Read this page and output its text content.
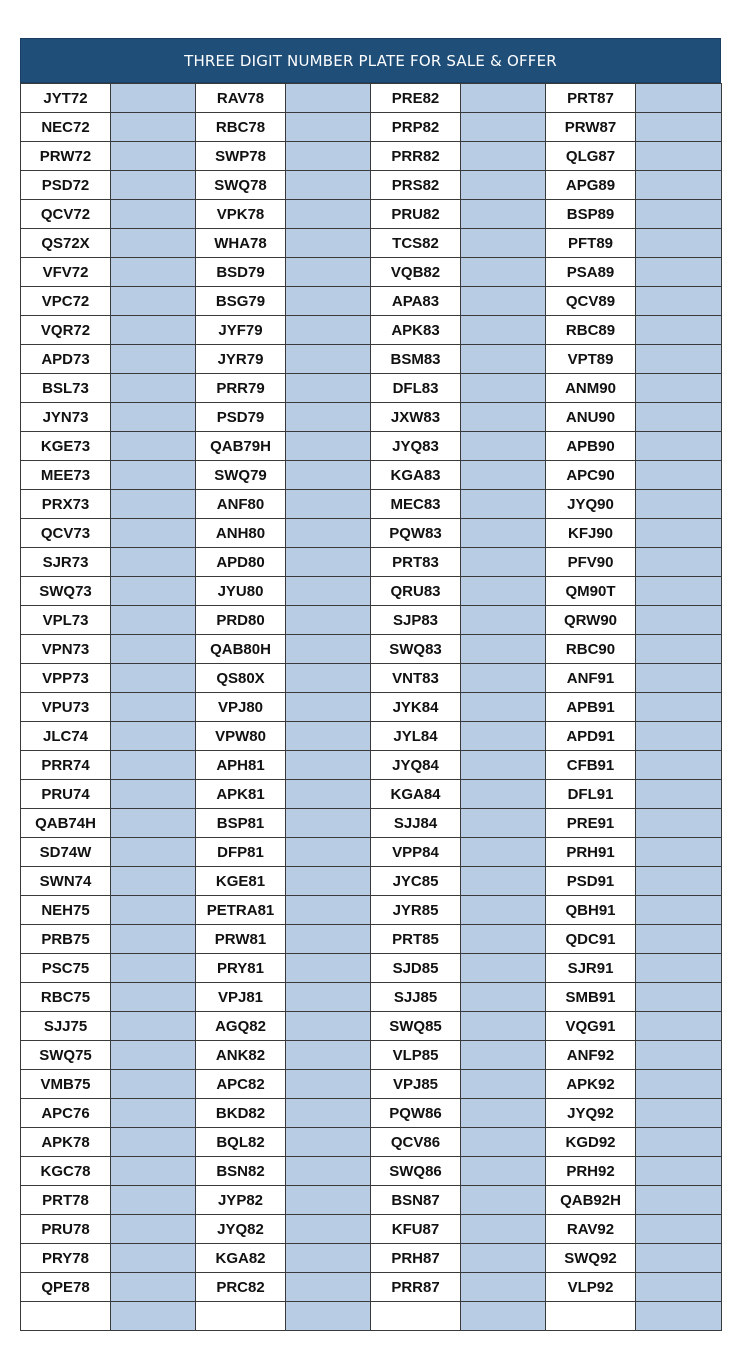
THREE DIGIT NUMBER PLATE FOR SALE & OFFER
JYT72		RAV78		PRE82		PRT87	
NEC72		RBC78		PRP82		PRW87	
PRW72		SWP78		PRR82		QLG87	
PSD72		SWQ78		PRS82		APG89	
QCV72		VPK78		PRU82		BSP89	
QS72X		WHA78		TCS82		PFT89	
VFV72		BSD79		VQB82		PSA89	
VPC72		BSG79		APA83		QCV89	
VQR72		JYF79		APK83		RBC89	
APD73		JYR79		BSM83		VPT89	
BSL73		PRR79		DFL83		ANM90	
JYN73		PSD79		JXW83		ANU90	
KGE73		QAB79H		JYQ83		APB90	
MEE73		SWQ79		KGA83		APC90	
PRX73		ANF80		MEC83		JYQ90	
QCV73		ANH80		PQW83		KFJ90	
SJR73		APD80		PRT83		PFV90	
SWQ73		JYU80		QRU83		QM90T	
VPL73		PRD80		SJP83		QRW90	
VPN73		QAB80H		SWQ83		RBC90	
VPP73		QS80X		VNT83		ANF91	
VPU73		VPJ80		JYK84		APB91	
JLC74		VPW80		JYL84		APD91	
PRR74		APH81		JYQ84		CFB91	
PRU74		APK81		KGA84		DFL91	
QAB74H		BSP81		SJJ84		PRE91	
SD74W		DFP81		VPP84		PRH91	
SWN74		KGE81		JYC85		PSD91	
NEH75		PETRA81		JYR85		QBH91	
PRB75		PRW81		PRT85		QDC91	
PSC75		PRY81		SJD85		SJR91	
RBC75		VPJ81		SJJ85		SMB91	
SJJ75		AGQ82		SWQ85		VQG91	
SWQ75		ANK82		VLP85		ANF92	
VMB75		APC82		VPJ85		APK92	
APC76		BKD82		PQW86		JYQ92	
APK78		BQL82		QCV86		KGD92	
KGC78		BSN82		SWQ86		PRH92	
PRT78		JYP82		BSN87		QAB92H	
PRU78		JYQ82		KFU87		RAV92	
PRY78		KGA82		PRH87		SWQ92	
QPE78		PRC82		PRR87		VLP92	
